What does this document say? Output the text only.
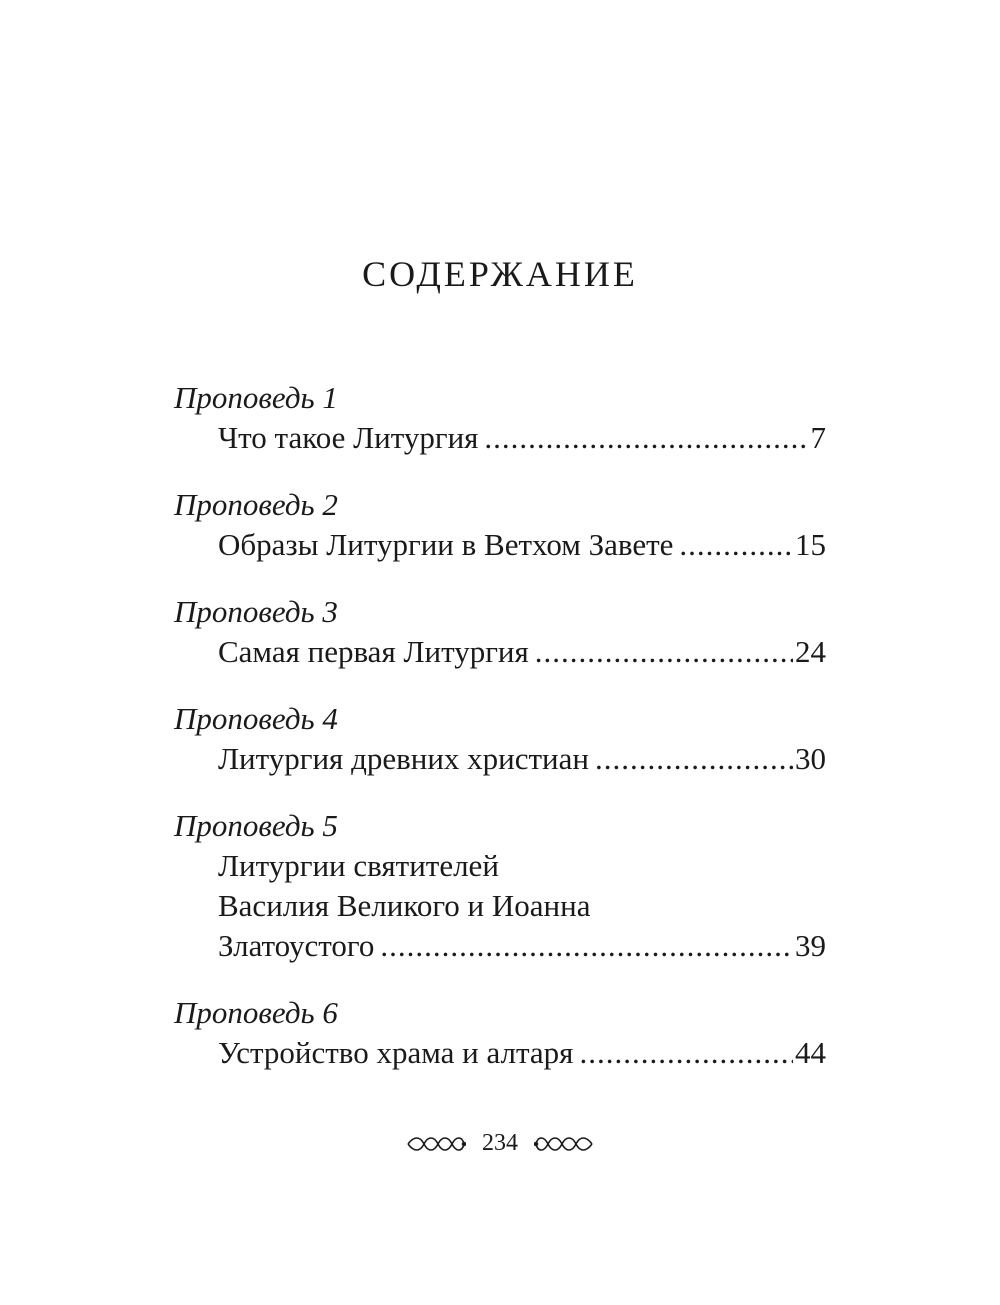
СОДЕРЖАНИЕ
Проповедь 1
Что такое Литургия .....	7
Проповедь 2
Образы Литургии в Ветхом Завете .....	15
Проповедь 3
Самая первая Литургия .....	24
Проповедь 4
Литургия древних христиан .....	30
Проповедь 5
Литургии святителей
Василия Великого и Иоанна
Златоустого .....	39
Проповедь 6
Устройство храма и алтаря .....	44
234
